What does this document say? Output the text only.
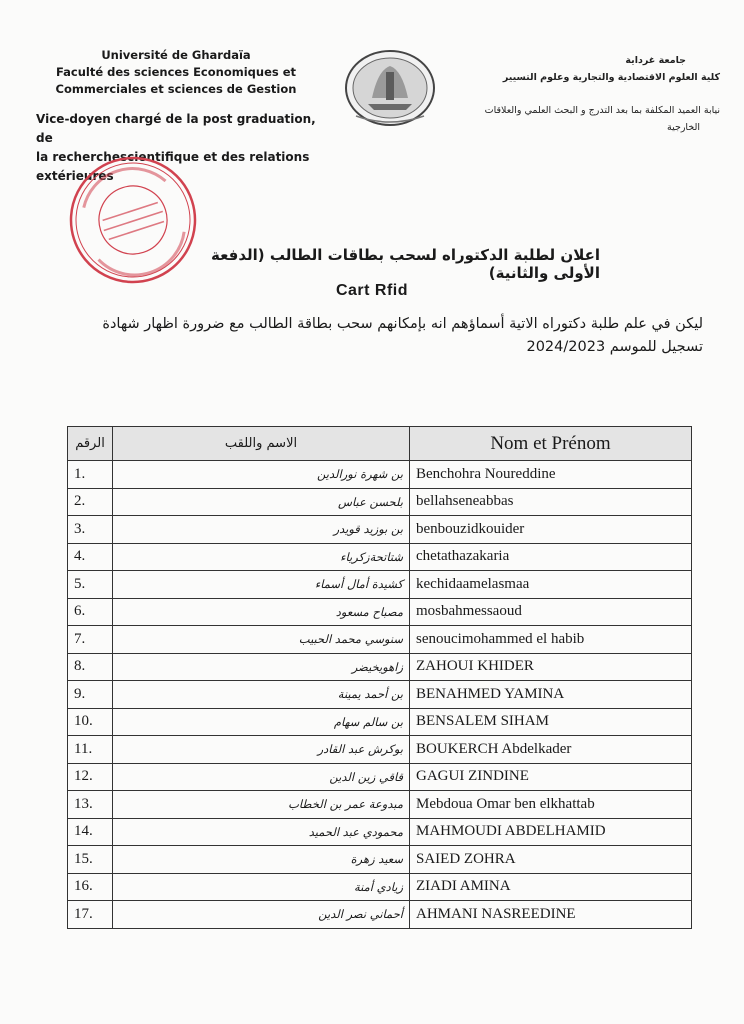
Université de Ghardaïa
Faculté des sciences Economiques et
Commerciales et sciences de Gestion
Vice-doyen chargé de la post graduation, de
la recherchescientifique et des relations
extérieures
جامعة غرداية
كلية العلوم الاقتصادية والتجارية وعلوم التسيير
نيابة العميد المكلفة بما بعد التدرج و البحث العلمي والعلاقات
الخارجية
اعلان لطلبة الدكتوراه لسحب بطاقات الطالب (الدفعة الأولى والثانية)
Cart Rfid
ليكن في علم طلبة دكتوراه الاتية أسماؤهم انه بإمكانهم سحب بطاقة الطالب مع ضرورة اظهار شهادة
تسجيل للموسم 2024/2023
الرقم	الاسم واللقب	Nom et Prénom
1.	بن شهرة نورالدين	Benchohra Noureddine
2.	بلحسن عباس	bellahseneabbas
3.	بن بوزيد قويدر	benbouzidkouider
4.	شتاتحةزكرياء	chetathazakaria
5.	كشيدة أمال أسماء	kechidaamelasmaa
6.	مصباح مسعود	mosbahmessaoud
7.	سنوسي محمد الحبيب	senoucimohammed el habib
8.	زاهويخيضر	ZAHOUI KHIDER
9.	بن أحمد يمينة	BENAHMED YAMINA
10.	بن سالم سهام	BENSALEM SIHAM
11.	بوكرش عبد القادر	BOUKERCH Abdelkader
12.	قاقي زين الدين	GAGUI ZINDINE
13.	مبدوعة عمر بن الخطاب	Mebdoua Omar ben elkhattab
14.	محمودي عبد الحميد	MAHMOUDI ABDELHAMID
15.	سعيد زهرة	SAIED ZOHRA
16.	زيادي أمنة	ZIADI AMINA
17.	أحماني نصر الدين	AHMANI NASREEDINE
